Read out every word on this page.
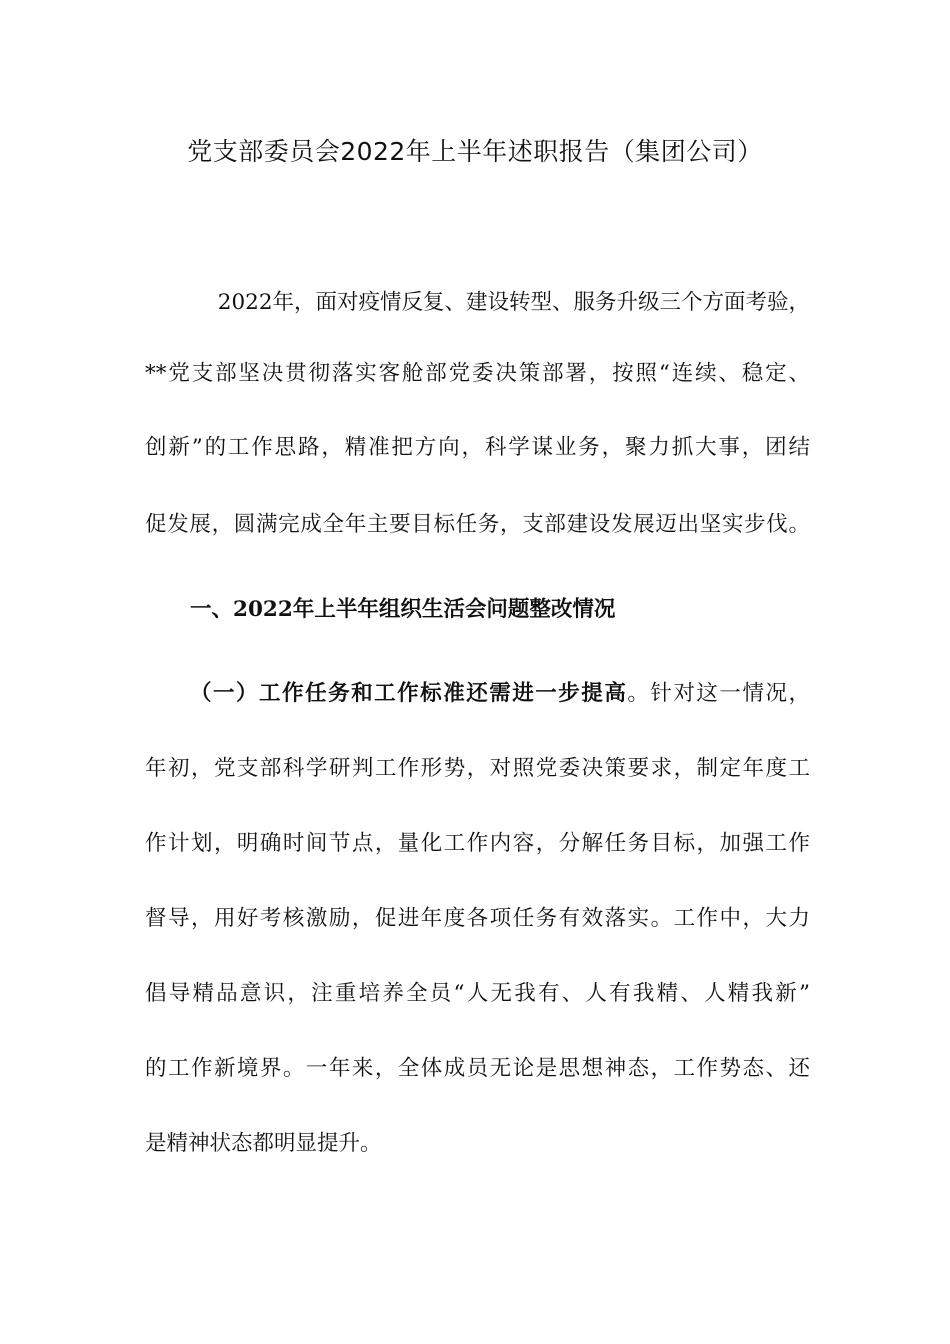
党支部委员会2022年上半年述职报告（集团公司）
2022年，面对疫情反复、建设转型、服务升级三个方面考验，
**党支部坚决贯彻落实客舱部党委决策部署，按照“连续、稳定、
创新”的工作思路，精准把方向，科学谋业务，聚力抓大事，团结
促发展，圆满完成全年主要目标任务，支部建设发展迈出坚实步伐。
一、2022年上半年组织生活会问题整改情况
（一）工作任务和工作标准还需进一步提高。针对这一情况，
年初，党支部科学研判工作形势，对照党委决策要求，制定年度工
作计划，明确时间节点，量化工作内容，分解任务目标，加强工作
督导，用好考核激励，促进年度各项任务有效落实。工作中，大力
倡导精品意识，注重培养全员“人无我有、人有我精、人精我新”
的工作新境界。一年来，全体成员无论是思想神态，工作势态、还
是精神状态都明显提升。
